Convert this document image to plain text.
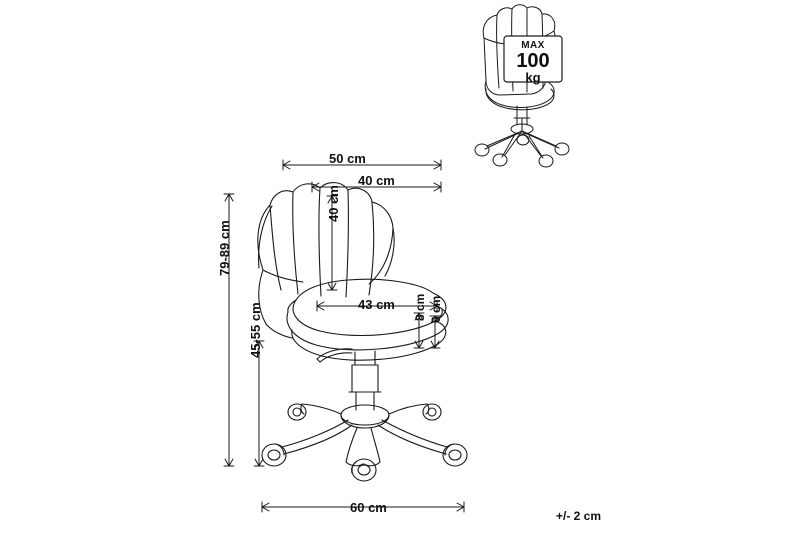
50 cm
40 cm
40 cm
43 cm 8 cm 6 cm
79-89 cm
45-55 cm
60 cm
MAX
100
kg
+/- 2 cm
